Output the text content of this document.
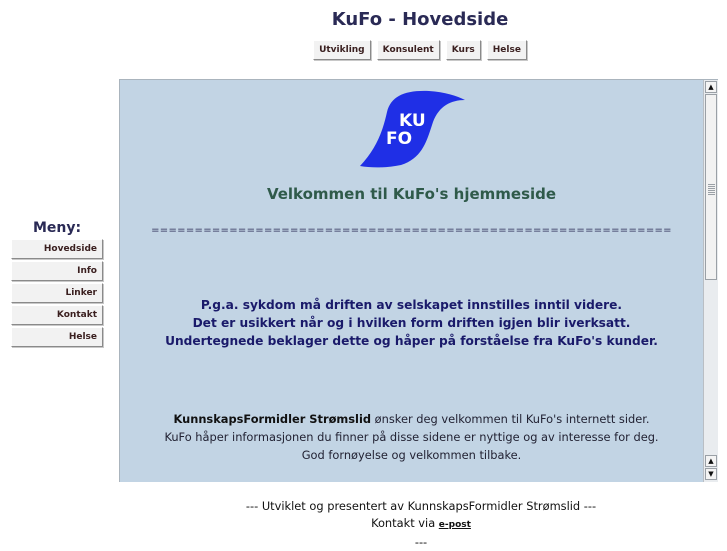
KuFo - Hovedside
Utvikling	Konsulent	Kurs	Helse
Meny:
Hovedside
Info
Linker
Kontakt
Helse
KU
FO
Velkommen til KuFo's hjemmeside
============================================================
P.g.a. sykdom må driften av selskapet innstilles inntil videre.
Det er usikkert når og i hvilken form driften igjen blir iverksatt.
Undertegnede beklager dette og håper på forståelse fra KuFo's kunder.
KunnskapsFormidler Strømslid ønsker deg velkommen til KuFo's internett sider.
KuFo håper informasjonen du finner på disse sidene er nyttige og av interesse for deg.
God fornøyelse og velkommen tilbake.
▲
▲
▼
--- Utviklet og presentert av KunnskapsFormidler Strømslid ---
Kontakt via e-post
---
